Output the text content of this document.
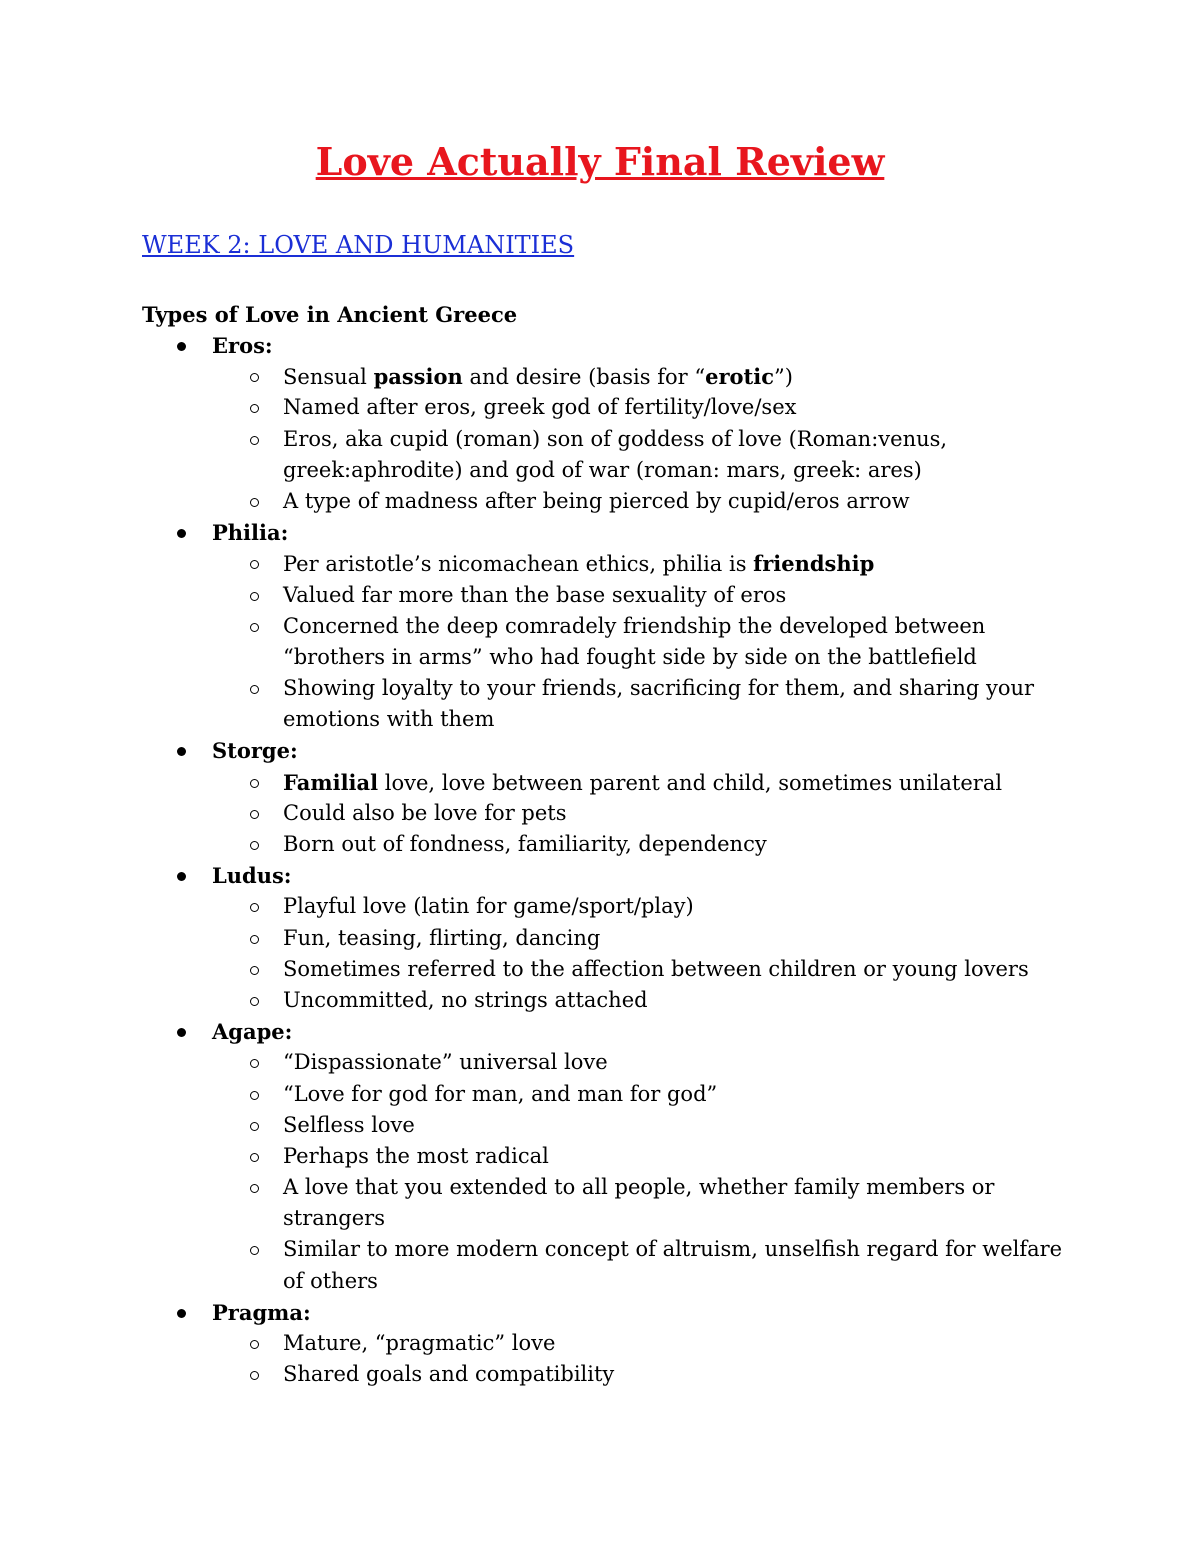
Love Actually Final Review
WEEK 2: LOVE AND HUMANITIES
Types of Love in Ancient Greece
Eros:
Sensual passion and desire (basis for “erotic”)
Named after eros, greek god of fertility/love/sex
Eros, aka cupid (roman) son of goddess of love (Roman:venus,
greek:aphrodite) and god of war (roman: mars, greek: ares)
A type of madness after being pierced by cupid/eros arrow
Philia:
Per aristotle’s nicomachean ethics, philia is friendship
Valued far more than the base sexuality of eros
Concerned the deep comradely friendship the developed between
“brothers in arms” who had fought side by side on the battlefield
Showing loyalty to your friends, sacrificing for them, and sharing your
emotions with them
Storge:
Familial love, love between parent and child, sometimes unilateral
Could also be love for pets
Born out of fondness, familiarity, dependency
Ludus:
Playful love (latin for game/sport/play)
Fun, teasing, flirting, dancing
Sometimes referred to the affection between children or young lovers
Uncommitted, no strings attached
Agape:
“Dispassionate” universal love
“Love for god for man, and man for god”
Selfless love
Perhaps the most radical
A love that you extended to all people, whether family members or
strangers
Similar to more modern concept of altruism, unselfish regard for welfare
of others
Pragma:
Mature, “pragmatic” love
Shared goals and compatibility
